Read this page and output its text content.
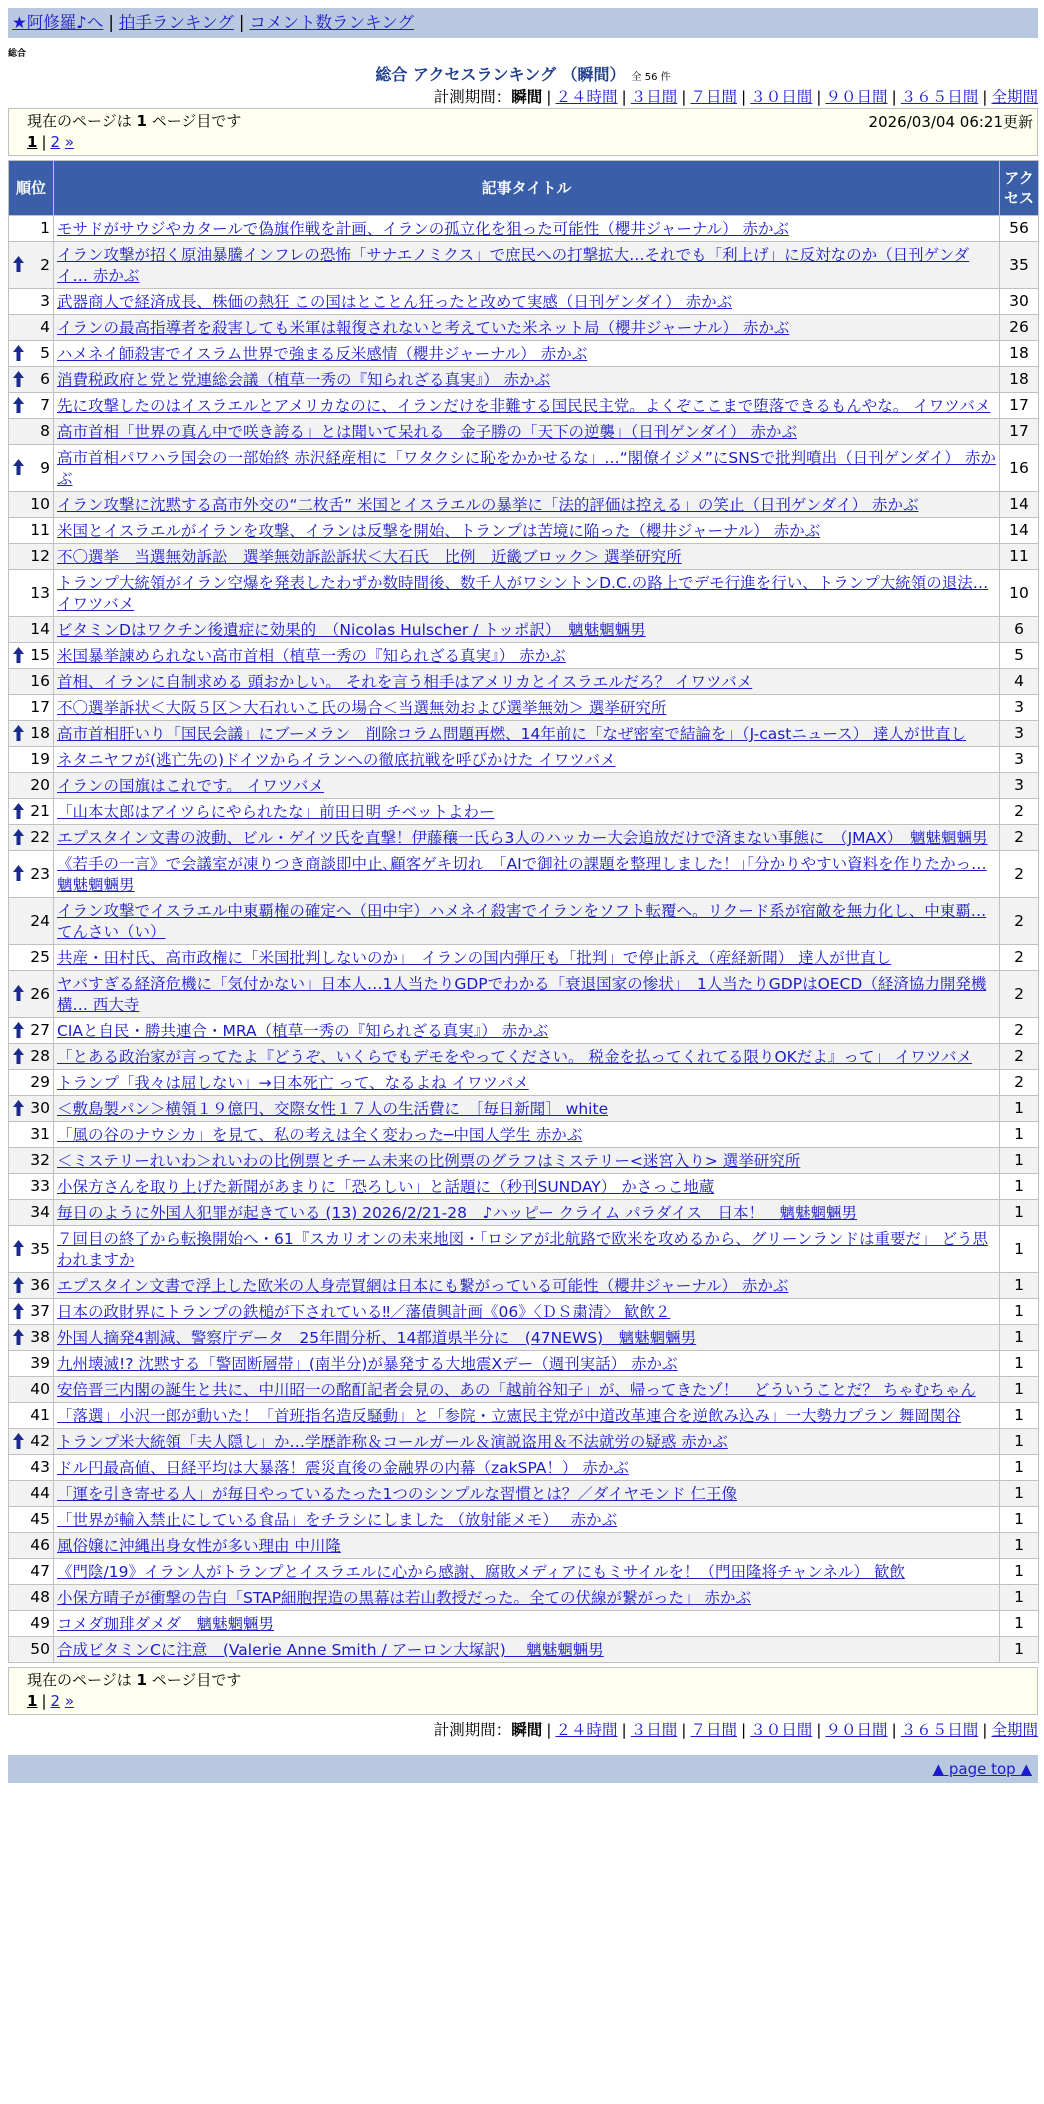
★阿修羅♪へ | 拍手ランキング | コメント数ランキング
総合
総合 アクセスランキング （瞬間） 全 56 件
計測期間：瞬間 | ２４時間 | ３日間 | ７日間 | ３０日間 | ９０日間 | ３６５日間 | 全期間
現在のページは 1 ページ目です	2026/03/04 06:21更新
1 | 2 »
順位	記事タイトル	アクセス
1	モサドがサウジやカタールで偽旗作戦を計画、イランの孤立化を狙った可能性（櫻井ジャーナル） 赤かぶ	56

2	イラン攻撃が招く原油暴騰インフレの恐怖「サナエノミクス」で庶民への打撃拡大…それでも「利上げ」に反対なのか（日刊ゲンダイ… 赤かぶ	35
3	武器商人で経済成長、株価の熱狂 この国はとことん狂ったと改めて実感（日刊ゲンダイ） 赤かぶ	30
4	イランの最高指導者を殺害しても米軍は報復されないと考えていた米ネット局（櫻井ジャーナル） 赤かぶ	26

5	ハメネイ師殺害でイスラム世界で強まる反米感情（櫻井ジャーナル） 赤かぶ	18

6	消費税政府と党と党連総会議（植草一秀の『知られざる真実』） 赤かぶ	18

7	先に攻撃したのはイスラエルとアメリカなのに、イランだけを非難する国民民主党。よくぞここまで堕落できるもんやな。 イワツバメ	17
8	高市首相「世界の真ん中で咲き誇る」とは聞いて呆れる　金子勝の「天下の逆襲」（日刊ゲンダイ） 赤かぶ	17

9	高市首相パワハラ国会の一部始終 赤沢経産相に「ワタクシに恥をかかせるな」…“閣僚イジメ”にSNSで批判噴出（日刊ゲンダイ） 赤かぶ	16
10	イラン攻撃に沈黙する高市外交の“二枚舌” 米国とイスラエルの暴挙に「法的評価は控える」の笑止（日刊ゲンダイ） 赤かぶ	14
11	米国とイスラエルがイランを攻撃、イランは反撃を開始、トランプは苦境に陥った（櫻井ジャーナル） 赤かぶ	14
12	不〇選挙　当選無効訴訟　選挙無効訴訟訴状＜大石氏　比例　近畿ブロック＞ 選挙研究所	11
13	トランプ大統領がイラン空爆を発表したわずか数時間後、数千人がワシントンD.C.の路上でデモ行進を行い、トランプ大統領の退法… イワツバメ	10
14	ビタミンDはワクチン後遺症に効果的　（Nicolas Hulscher / トッポ訳）　魑魅魍魎男	6

15	米国暴挙諫められない高市首相（植草一秀の『知られざる真実』） 赤かぶ	5
16	首相、イランに自制求める 頭おかしい。 それを言う相手はアメリカとイスラエルだろ？ イワツバメ	4
17	不〇選挙訴状＜大阪５区＞大石れいこ氏の場合＜当選無効および選挙無効＞ 選挙研究所	3

18	高市首相肝いり「国民会議」にブーメラン　削除コラム問題再燃、14年前に「なぜ密室で結論を」（J-castニュース） 達人が世直し	3
19	ネタニヤフが(逃亡先の)ドイツからイランへの徹底抗戦を呼びかけた イワツバメ	3
20	イランの国旗はこれです。 イワツバメ	3

21	「山本太郎はアイツらにやられたな」前田日明 チベットよわー	2

22	エプスタイン文書の波動、ビル・ゲイツ氏を直撃！伊藤穰一氏ら3人のハッカー大会追放だけで済まない事態に　（JMAX）　魑魅魍魎男	2

23	《若手の一言》で会議室が凍りつき商談即中止､顧客ゲキ切れ　「AIで御社の課題を整理しました！｣｢分かりやすい資料を作りたかっ… 魑魅魍魎男	2
24	イラン攻撃でイスラエル中東覇権の確定へ（田中宇）ハメネイ殺害でイランをソフト転覆へ。リクード系が宿敵を無力化し、中東覇… てんさい（い）	2
25	共産・田村氏、高市政権に「米国批判しないのか」　イランの国内弾圧も「批判」で停止訴え（産経新聞） 達人が世直し	2

26	ヤバすぎる経済危機に「気付かない」日本人…1人当たりGDPでわかる「衰退国家の惨状」　1人当たりGDPはOECD（経済協力開発機構… 西大寺	2

27	CIAと自民・勝共連合・MRA（植草一秀の『知られざる真実』） 赤かぶ	2

28	「とある政治家が言ってたよ『どうぞ、いくらでもデモをやってください。 税金を払ってくれてる限りOKだよ』って」 イワツバメ	2
29	トランプ「我々は屈しない」→日本死亡 って、なるよね イワツバメ	2

30	＜敷島製パン＞横領１９億円、交際女性１７人の生活費に　［毎日新聞］ white	1
31	「風の谷のナウシカ」を見て、私の考えは全く変わった─中国人学生 赤かぶ	1
32	＜ミステリーれいわ＞れいわの比例票とチーム未来の比例票のグラフはミステリー<迷宮入り> 選挙研究所	1
33	小保方さんを取り上げた新聞があまりに「恐ろしい」と話題に（秒刊SUNDAY） かさっこ地蔵	1
34	毎日のように外国人犯罪が起きている (13) 2026/2/21-28　♪ハッピー クライム パラダイス　日本！　魑魅魍魎男	1

35	７回目の終了から転換開始へ・61『スカリオンの未来地図・「ロシアが北航路で欧米を攻めるから、グリーンランドは重要だ」 どう思われますか	1

36	エプスタイン文書で浮上した欧米の人身売買網は日本にも繋がっている可能性（櫻井ジャーナル） 赤かぶ	1

37	日本の政財界にトランプの鉄槌が下されている‼／藩債興計画《06》〈ＤＳ粛清〉 歓飲２	1

38	外国人摘発4割減、警察庁データ　25年間分析、14都道県半分に　(47NEWS)　魑魅魍魎男	1
39	九州壊滅!? 沈黙する「警固断層帯」(南半分)が暴発する大地震Xデー（週刊実話） 赤かぶ	1
40	安倍晋三内閣の誕生と共に、中川昭一の酩酊記者会見の、あの「越前谷知子」が、帰ってきたゾ！　どういうことだ？ ちゃむちゃん	1
41	「落選」小沢一郎が動いた！「首班指名造反騒動」と「参院・立憲民主党が中道改革連合を逆飲み込み」一大勢力プラン 舞岡関谷	1

42	トランプ米大統領「夫人隠し」か…学歴詐称＆コールガール＆演説盗用＆不法就労の疑惑 赤かぶ	1
43	ドル円最高値、日経平均は大暴落！震災直後の金融界の内幕（zakSPA！） 赤かぶ	1
44	「運を引き寄せる人」が毎日やっているたった1つのシンプルな習慣とは？／ダイヤモンド 仁王像	1
45	「世界が輸入禁止にしている食品」をチラシにしました （放射能メモ）　 赤かぶ	1
46	風俗嬢に沖縄出身女性が多い理由 中川隆	1
47	《門陰/19》イラン人がトランプとイスラエルに心から感謝、腐敗メディアにもミサイルを！（門田隆将チャンネル） 歓飲	1
48	小保方晴子が衝撃の告白「STAP細胞捏造の黒幕は若山教授だった。全ての伏線が繋がった」 赤かぶ	1
49	コメダ珈琲ダメダ　魑魅魍魎男	1
50	合成ビタミンCに注意　(Valerie Anne Smith / アーロン大塚訳)　 魑魅魍魎男	1
現在のページは 1 ページ目です
1 | 2 »
計測期間：瞬間 | ２４時間 | ３日間 | ７日間 | ３０日間 | ９０日間 | ３６５日間 | 全期間
▲ page top ▲
